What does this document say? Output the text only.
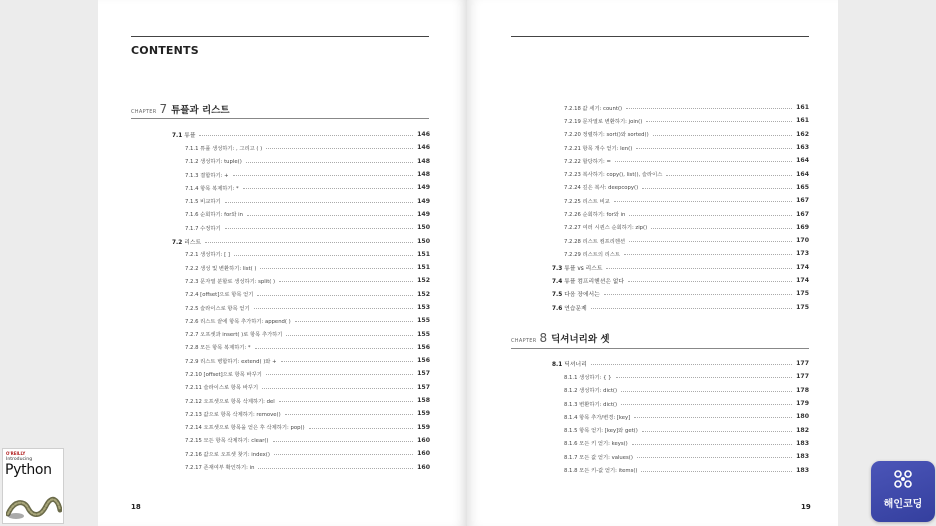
CONTENTS
CHAPTER 7 튜플과 리스트
7.1 튜플	146
7.1.1 튜플 생성하기: , 그리고 ( )	146
7.1.2 생성하기: tuple()	148
7.1.3 결합하기: +	148
7.1.4 항목 복제하기: *	149
7.1.5 비교하기	149
7.1.6 순회하기: for와 in	149
7.1.7 수정하기	150
7.2 리스트	150
7.2.1 생성하기: [ ]	151
7.2.2 생성 및 변환하기: list( )	151
7.2.3 문자열 분할로 생성하기: split( )	152
7.2.4 [offset]으로 항목 얻기	152
7.2.5 슬라이스로 항목 얻기	153
7.2.6 리스트 끝에 항목 추가하기: append( )	155
7.2.7 오프셋과 insert( )로 항목 추가하기	155
7.2.8 모든 항목 복제하기: *	156
7.2.9 리스트 병합하기: extend( )와 +	156
7.2.10 [offset]으로 항목 바꾸기	157
7.2.11 슬라이스로 항목 바꾸기	157
7.2.12 오프셋으로 항목 삭제하기: del	158
7.2.13 값으로 항목 삭제하기: remove()	159
7.2.14 오프셋으로 항목을 얻은 후 삭제하기: pop()	159
7.2.15 모든 항목 삭제하기: clear()	160
7.2.16 값으로 오프셋 찾기: index()	160
7.2.17 존재여부 확인하기: in	160
18
7.2.18 값 세기: count()	161
7.2.19 문자열로 변환하기: join()	161
7.2.20 정렬하기: sort()와 sorted()	162
7.2.21 항목 개수 얻기: len()	163
7.2.22 할당하기: =	164
7.2.23 복사하기: copy(), list(), 슬라이스	164
7.2.24 깊은 복사: deepcopy()	165
7.2.25 리스트 비교	167
7.2.26 순회하기: for와 in	167
7.2.27 여러 시퀀스 순회하기: zip()	169
7.2.28 리스트 컴프리헨션	170
7.2.29 리스트의 리스트	173
7.3 튜플 vs 리스트	174
7.4 튜플 컴프리헨션은 없다	174
7.5 다음 장에서는	175
7.6 연습문제	175
CHAPTER 8 딕셔너리와 셋
8.1 딕셔너리	177
8.1.1 생성하기: { }	177
8.1.2 생성하기: dict()	178
8.1.3 변환하기: dict()	179
8.1.4 항목 추가/변경: [key]	180
8.1.5 항목 얻기: [key]와 get()	182
8.1.6 모든 키 얻기: keys()	183
8.1.7 모든 값 얻기: values()	183
8.1.8 모든 키-값 얻기: items()	183
19
O'REILLY
Introducing
Python
해인코딩
